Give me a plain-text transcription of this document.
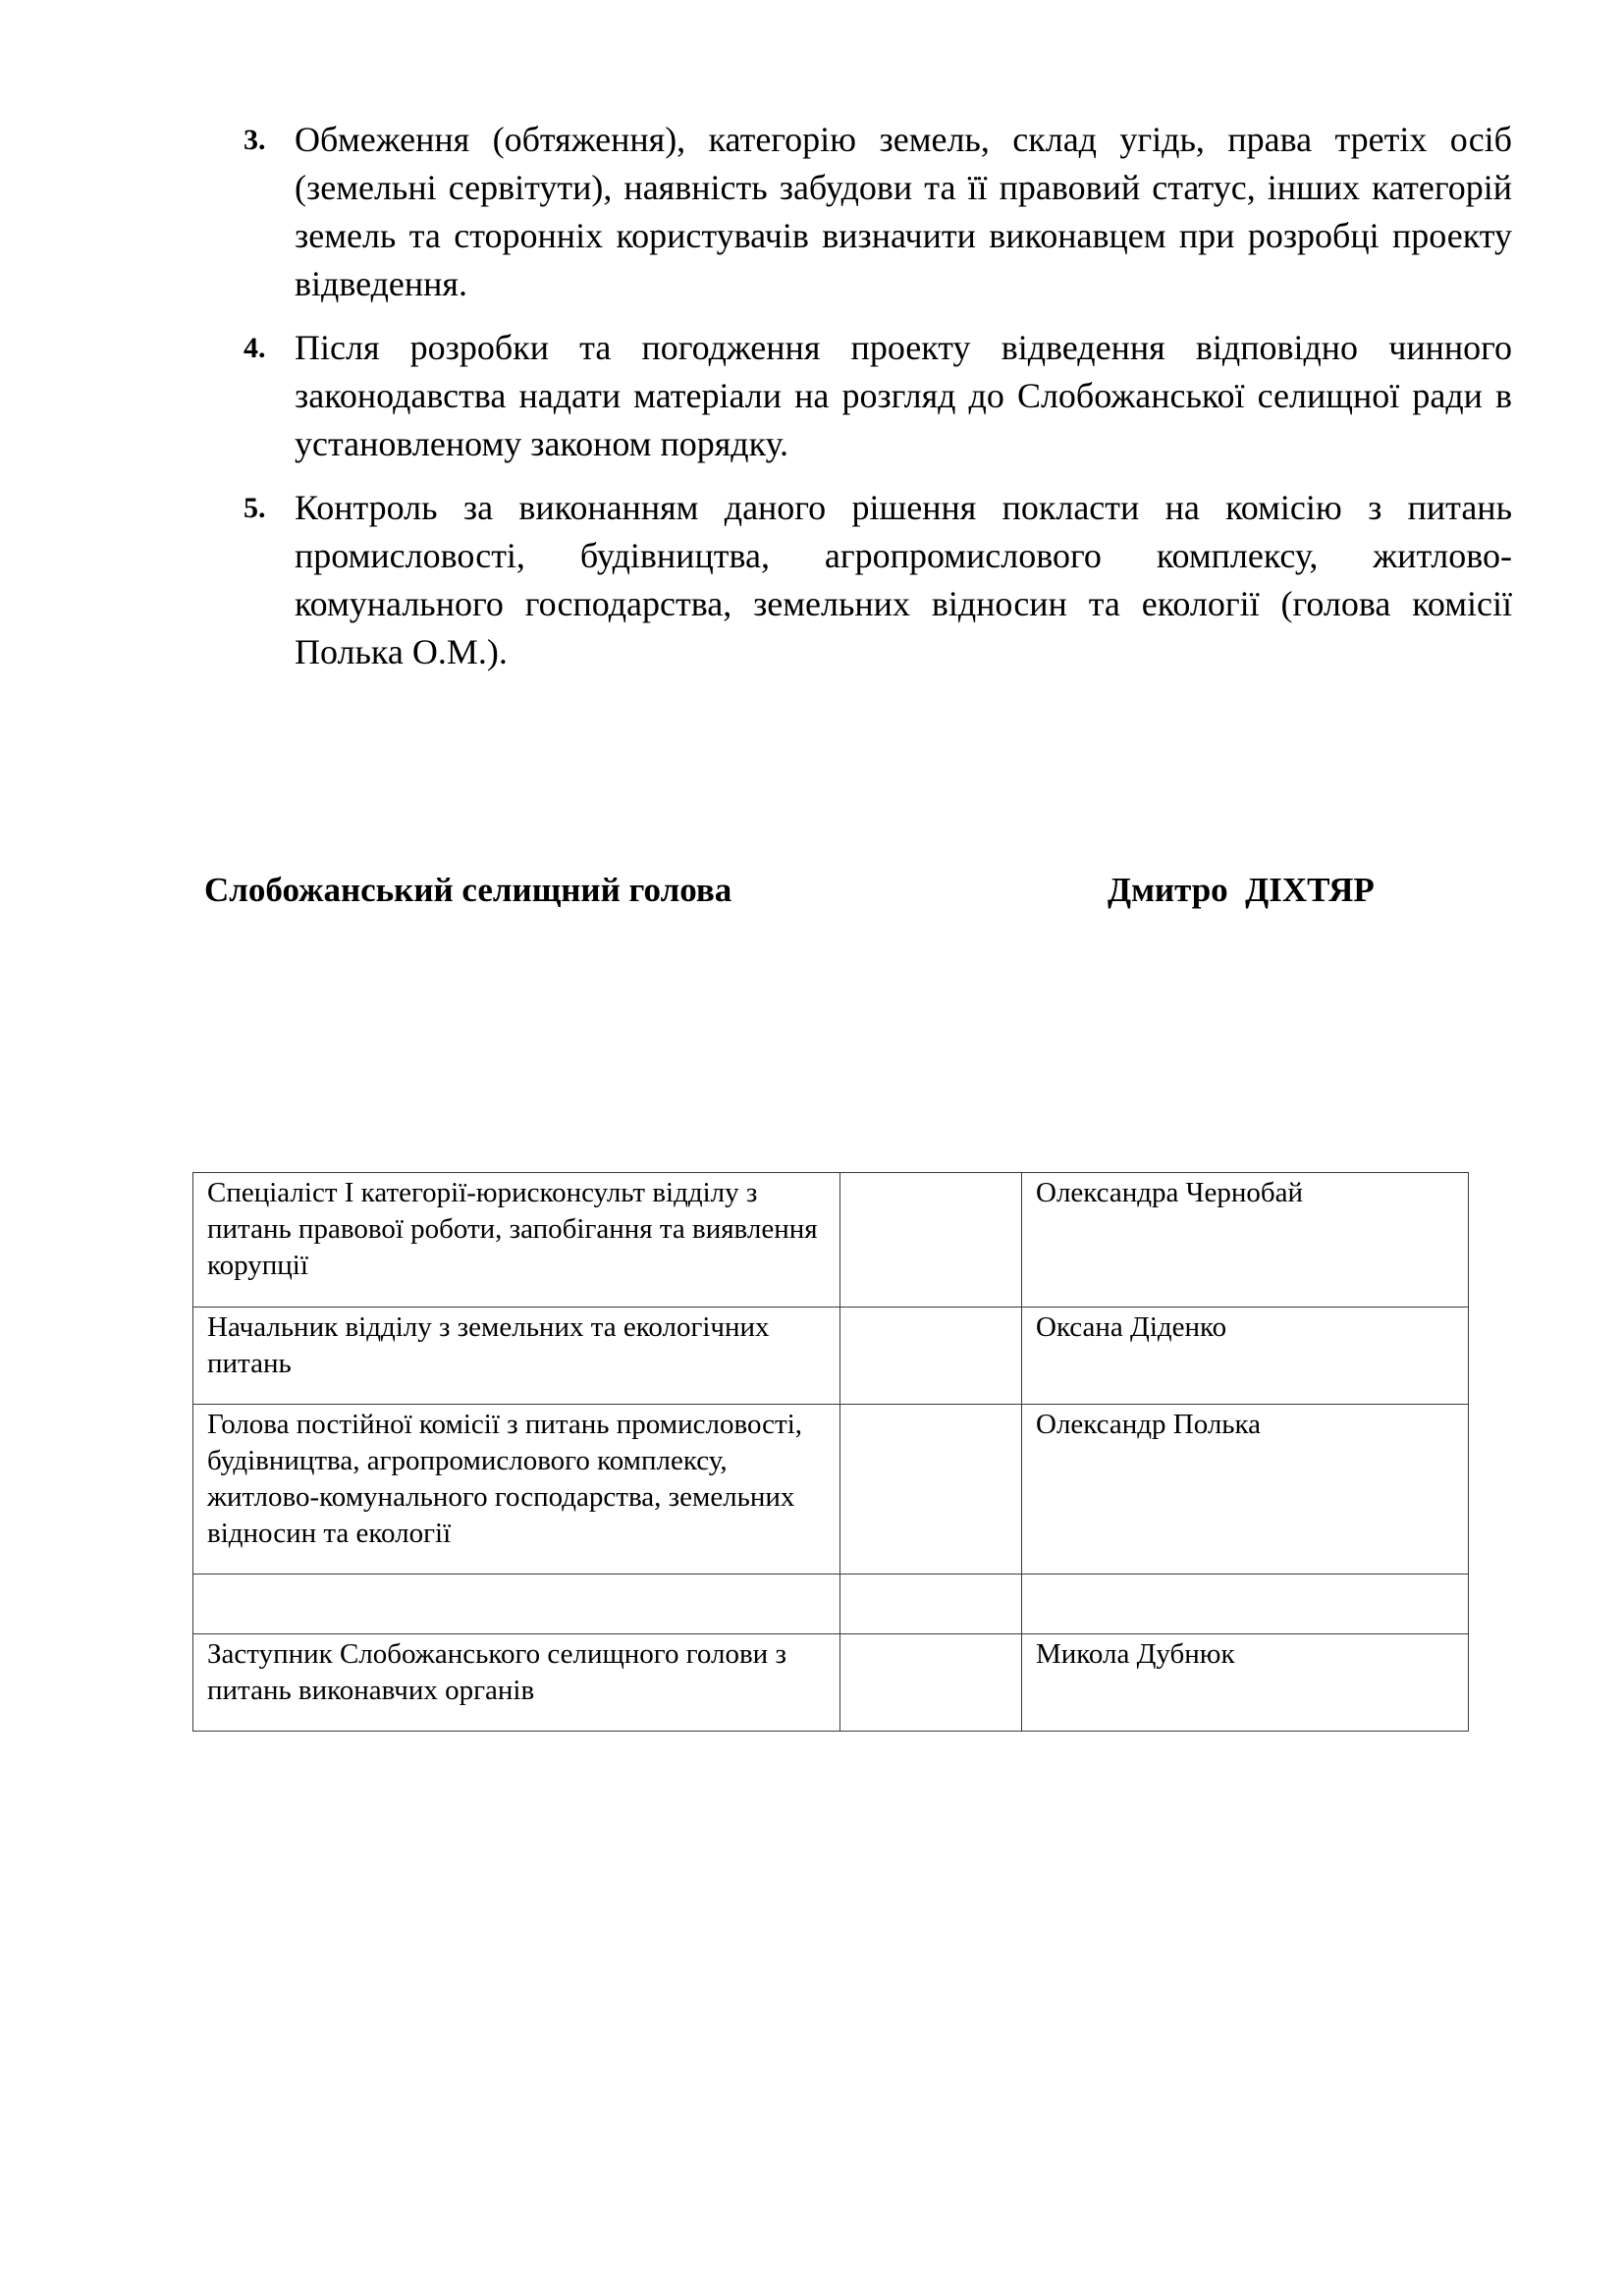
3. Обмеження (обтяження), категорію земель, склад угідь, права третіх осіб (земельні сервітути), наявність забудови та її правовий статус, інших категорій земель та сторонніх користувачів визначити виконавцем при розробці проекту відведення.
4. Після розробки та погодження проекту відведення відповідно чинного законодавства надати матеріали на розгляд до Слобожанської селищної ради в установленому законом порядку.
5. Контроль за виконанням даного рішення покласти на комісію з питань промисловості, будівництва, агропромислового комплексу, житлово-комунального господарства, земельних відносин та екології (голова комісії Полька О.М.).
Слобожанський селищний голова	Дмитро  ДІХТЯР
Спеціаліст І категорії-юрисконсульт відділу з питань правової роботи, запобігання та виявлення корупції		Олександра Чернобай
Начальник відділу з земельних та екологічних питань		Оксана Діденко
Голова постійної комісії з питань промисловості, будівництва, агропромислового комплексу, житлово-комунального господарства, земельних відносин та екології		Олександр Полька

Заступник Слобожанського селищного голови з питань виконавчих органів		Микола Дубнюк
